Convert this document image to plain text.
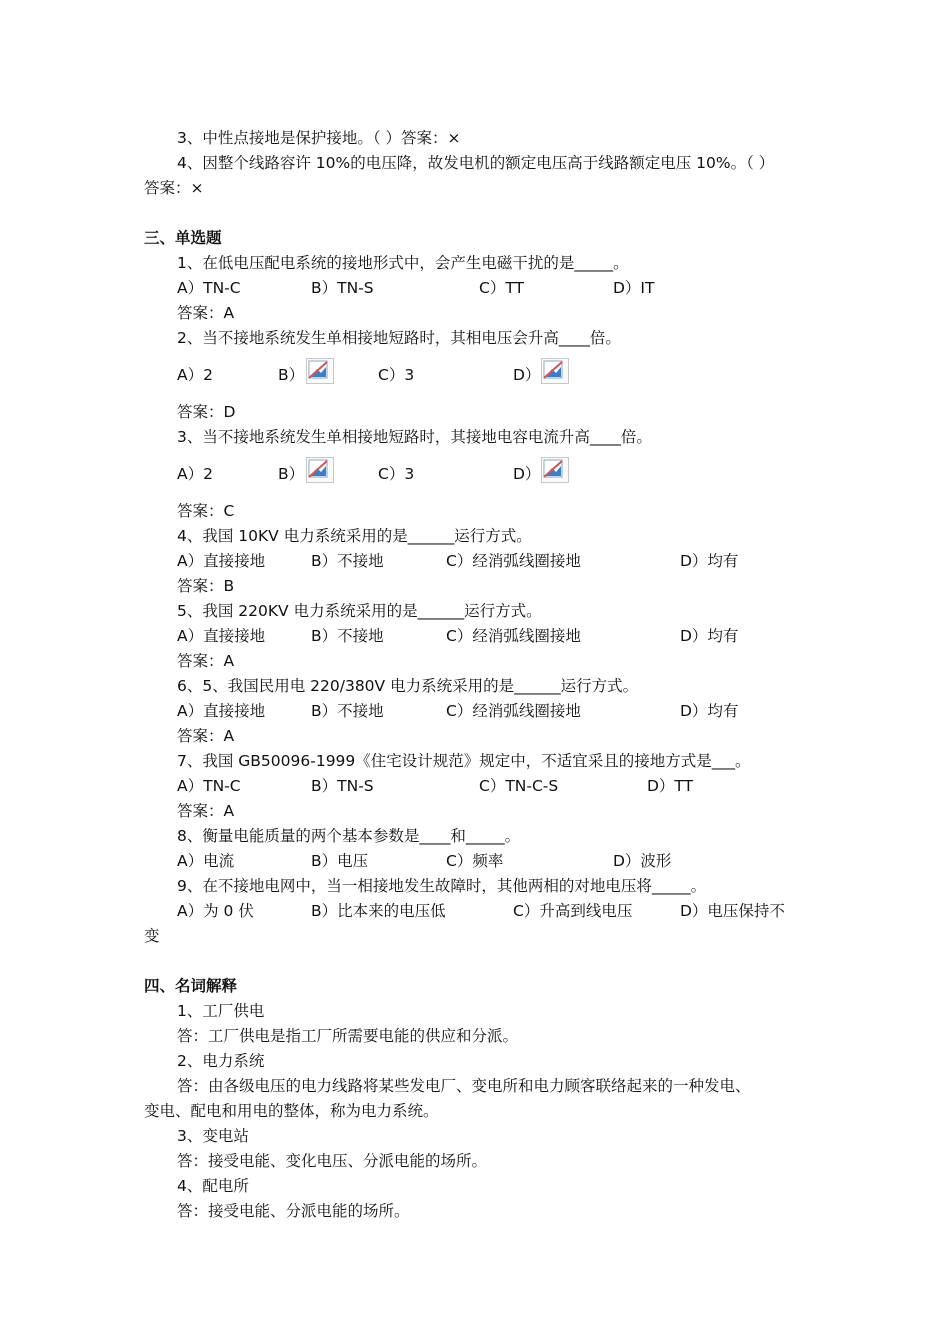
3、中性点接地是保护接地。（ ）答案：×
4、因整个线路容许 10%的电压降，故发电机的额定电压高于线路额定电压 10%。（ ）
答案：×
三、单选题
1、在低电压配电系统的接地形式中，会产生电磁干扰的是_____。
A）TN-C	B）TN-S	C）TT	D）IT
答案：A
2、当不接地系统发生单相接地短路时，其相电压会升高____倍。
A）2	B）	C）3	D）
答案：D
3、当不接地系统发生单相接地短路时，其接地电容电流升高____倍。
A）2	B）	C）3	D）
答案：C
4、我国 10KV 电力系统采用的是______运行方式。
A）直接接地	B）不接地	C）经消弧线圈接地	D）均有
答案：B
5、我国 220KV 电力系统采用的是______运行方式。
A）直接接地	B）不接地	C）经消弧线圈接地	D）均有
答案：A
6、5、我国民用电 220/380V 电力系统采用的是______运行方式。
A）直接接地	B）不接地	C）经消弧线圈接地	D）均有
答案：A
7、我国 GB50096-1999《住宅设计规范》规定中，不适宜采且的接地方式是___。
A）TN-C	B）TN-S	C）TN-C-S	D）TT
答案：A
8、衡量电能质量的两个基本参数是____和_____。
A）电流	B）电压	C）频率	D）波形
9、在不接地电网中，当一相接地发生故障时，其他两相的对地电压将_____。
A）为 0 伏	B）比本来的电压低	C）升高到线电压	D）电压保持不
变
四、名词解释
1、工厂供电
答：工厂供电是指工厂所需要电能的供应和分派。
2、电力系统
答：由各级电压的电力线路将某些发电厂、变电所和电力顾客联络起来的一种发电、
变电、配电和用电的整体，称为电力系统。
3、变电站
答：接受电能、变化电压、分派电能的场所。
4、配电所
答：接受电能、分派电能的场所。
